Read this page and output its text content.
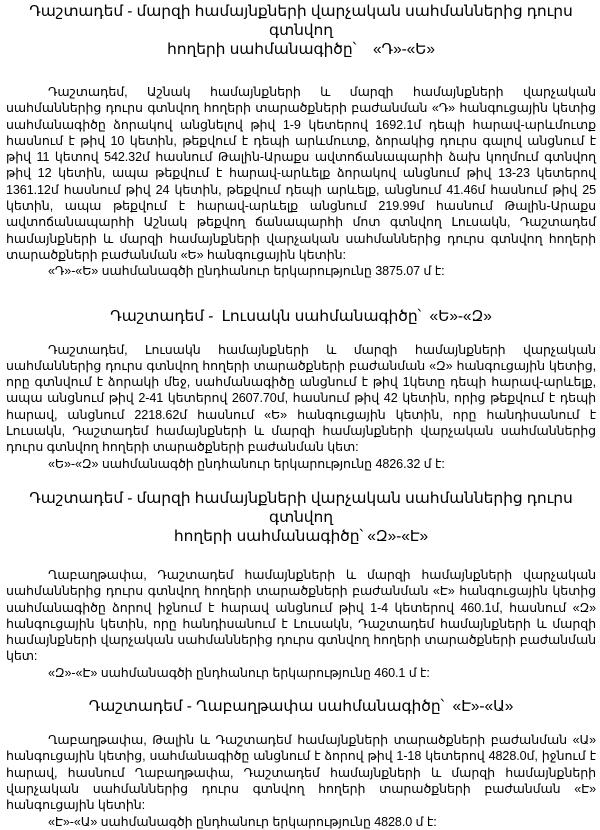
Դաշտադեմ - մարզի համայնքների վարչական սահմաններից դուրս գտնվող
հողերի սահմանագիծը՝    «Դ»-«Ե»

Դաշտադեմ, Աշնակ համայնքների և մարզի համայնքների վարչական սահմաններից դուրս գտնվող հողերի տարածքների բաժանման «Դ» հանգուցային կետից սահմանագիծը ձորակով անցնելով թիվ 1-9 կետերով 1692.1մ դեպի հարավ-արևմուտք հասնում է թիվ 10 կետին, թեքվում է դեպի արևմուտք, ձորակից դուրս գալով անցնում է թիվ 11 կետով 542.32մ հասնում Թալին-Արաքս ավտոճանապարհի ձախ կողմում գտնվող թիվ 12 կետին, ապա թեքվում է հարավ-արևելք ձորակով անցնում թիվ 13-23 կետերով 1361.12մ հասնում թիվ 24 կետին, թեքվում դեպի արևելք, անցնում 41.46մ հասնում թիվ 25 կետին, ապա թեքվում է հարավ-արևելք անցնում 219.99մ հասնում Թալին-Արաքս ավտոճանապարհի Աշնակ թեքվող ճանապարհի մոտ գտնվող Լուսակն, Դաշտադեմ համայնքների և մարզի համայնքների վարչական սահմաններից դուրս գտնվող հողերի տարածքների բաժանման «Ե» հանգուցային կետին:

«Դ»-«Ե» սահմանագծի ընդհանուր երկարությունը 3875.07 մ է:

Դաշտադեմ -  Լուսակն սահմանագիծը՝  «Ե»-«Զ»

Դաշտադեմ, Լուսակն համայնքների և մարզի համայնքների վարչական սահմաններից դուրս գտնվող հողերի տարածքների բաժանման «Զ» հանգուցային կետից, որը գտնվում է ձորակի մեջ, սահմանագիծը անցնում է թիվ 1կետը դեպի հարավ-արևելք, ապա անցնում թիվ 2-41 կետերով 2607.70մ, հասնում թիվ 42 կետին, որից թեքվում է դեպի հարավ, անցնում 2218.62մ հասնում «Ե» հանգուցային կետին, որը հանդիսանում է Լուսակն, Դաշտադեմ համայնքների և մարզի համայնքների վարչական սահմաններից դուրս գտնվող հողերի տարածքների բաժանման կետ:

«Ե»-«Զ» սահմանագծի ընդհանուր երկարությունը 4826.32 մ է:

Դաշտադեմ - մարզի համայնքների վարչական սահմաններից դուրս գտնվող
հողերի սահմանագիծը՝ «Զ»-«Է»

Ղաբաղթափա, Դաշտադեմ համայնքների և մարզի համայնքների վարչական սահմաններից դուրս գտնվող հողերի տարածքների բաժանման «Է» հանգուցային կետից սահմանագիծը ձորով իջնում է հարավ անցնում թիվ 1-4 կետերով 460.1մ, հասնում «Զ» հանգուցային կետին, որը հանդիսանում է Լուսակն, Դաշտադեմ համայնքների և մարզի համայնքների վարչական սահմաններից դուրս գտնվող հողերի տարածքների բաժանման կետ:

«Զ»-«Է» սահմանագծի ընդհանուր երկարությունը 460.1 մ է:

Դաշտադեմ - Ղաբաղթափա սահմանագիծը՝  «Է»-«Ա»

Ղաբաղթափա, Թալին և Դաշտադեմ համայնքների տարածքների բաժանման «Ա» հանգուցային կետից, սահմանագիծը անցնում է ձորով թիվ 1-18 կետերով 4828.0մ, իջնում է հարավ, հասնում Ղաբաղթափա, Դաշտադեմ համայնքների և մարզի համայնքների վարչական սահմաններից դուրս գտնվող հողերի տարածքների բաժանման «Է» հանգուցային կետին:

«Է»-«Ա» սահմանագծի ընդհանուր երկարությունը 4828.0 մ է:
